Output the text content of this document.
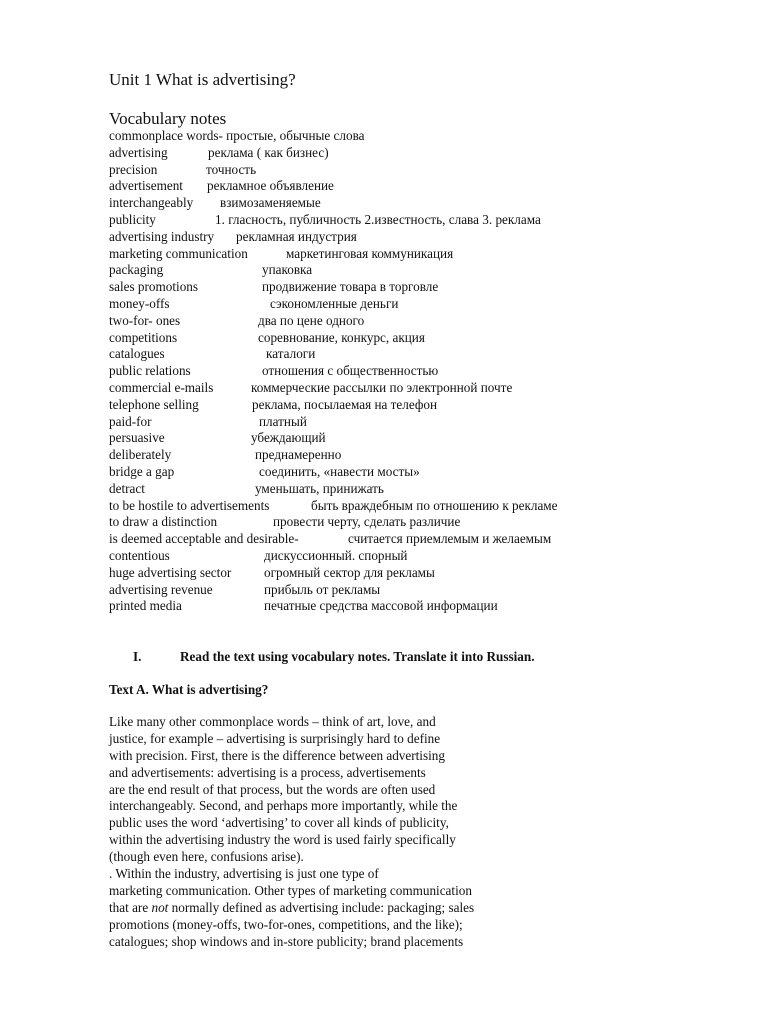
Unit 1 What is advertising?
Vocabulary notes
commonplace words- простые, обычные слова
advertising	реклама ( как бизнес)
precision	точность
advertisement рекламное объявление
interchangeably взимозаменяемые
publicity	1. гласность, публичность 2.известность, слава 3. реклама
advertising industry рекламная индустрия
marketing communication	маркетинговая коммуникация
packaging	упаковка
sales promotions	продвижение товара в торговле
money-offs	сэкономленные деньги
two-for- ones	два по цене одного
competitions	соревнование, конкурс, акция
catalogues	каталоги
public relations	отношения с общественностью
commercial e-mails	коммерческие рассылки по электронной почте
telephone selling	реклама, посылаемая на телефон
paid-for	платный
persuasive	убеждающий
deliberately	преднамеренно
bridge a gap	соединить, «навести мосты»
detract	уменьшать, принижать
to be hostile to advertisements	быть враждебным по отношению к рекламе
to draw a distinction	провести черту, сделать различие
is deemed acceptable and desirable-	считается приемлемым и желаемым
contentious	дискуссионный. спорный
huge advertising sector огромный сектор для рекламы
advertising revenue	прибыль от рекламы
printed media	печатные средства массовой информации
I.	Read the text using vocabulary notes. Translate it into Russian.
Text A. What is advertising?
Like many other commonplace words – think of art, love, and
justice, for example – advertising is surprisingly hard to define
with precision. First, there is the difference between advertising
and advertisements: advertising is a process, advertisements
are the end result of that process, but the words are often used
interchangeably. Second, and perhaps more importantly, while the
public uses the word ‘advertising’ to cover all kinds of publicity,
within the advertising industry the word is used fairly specifically
(though even here, confusions arise).
. Within the industry, advertising is just one type of
marketing communication. Other types of marketing communication
that are not normally defined as advertising include: packaging; sales
promotions (money-offs, two-for-ones, competitions, and the like);
catalogues; shop windows and in-store publicity; brand placements
